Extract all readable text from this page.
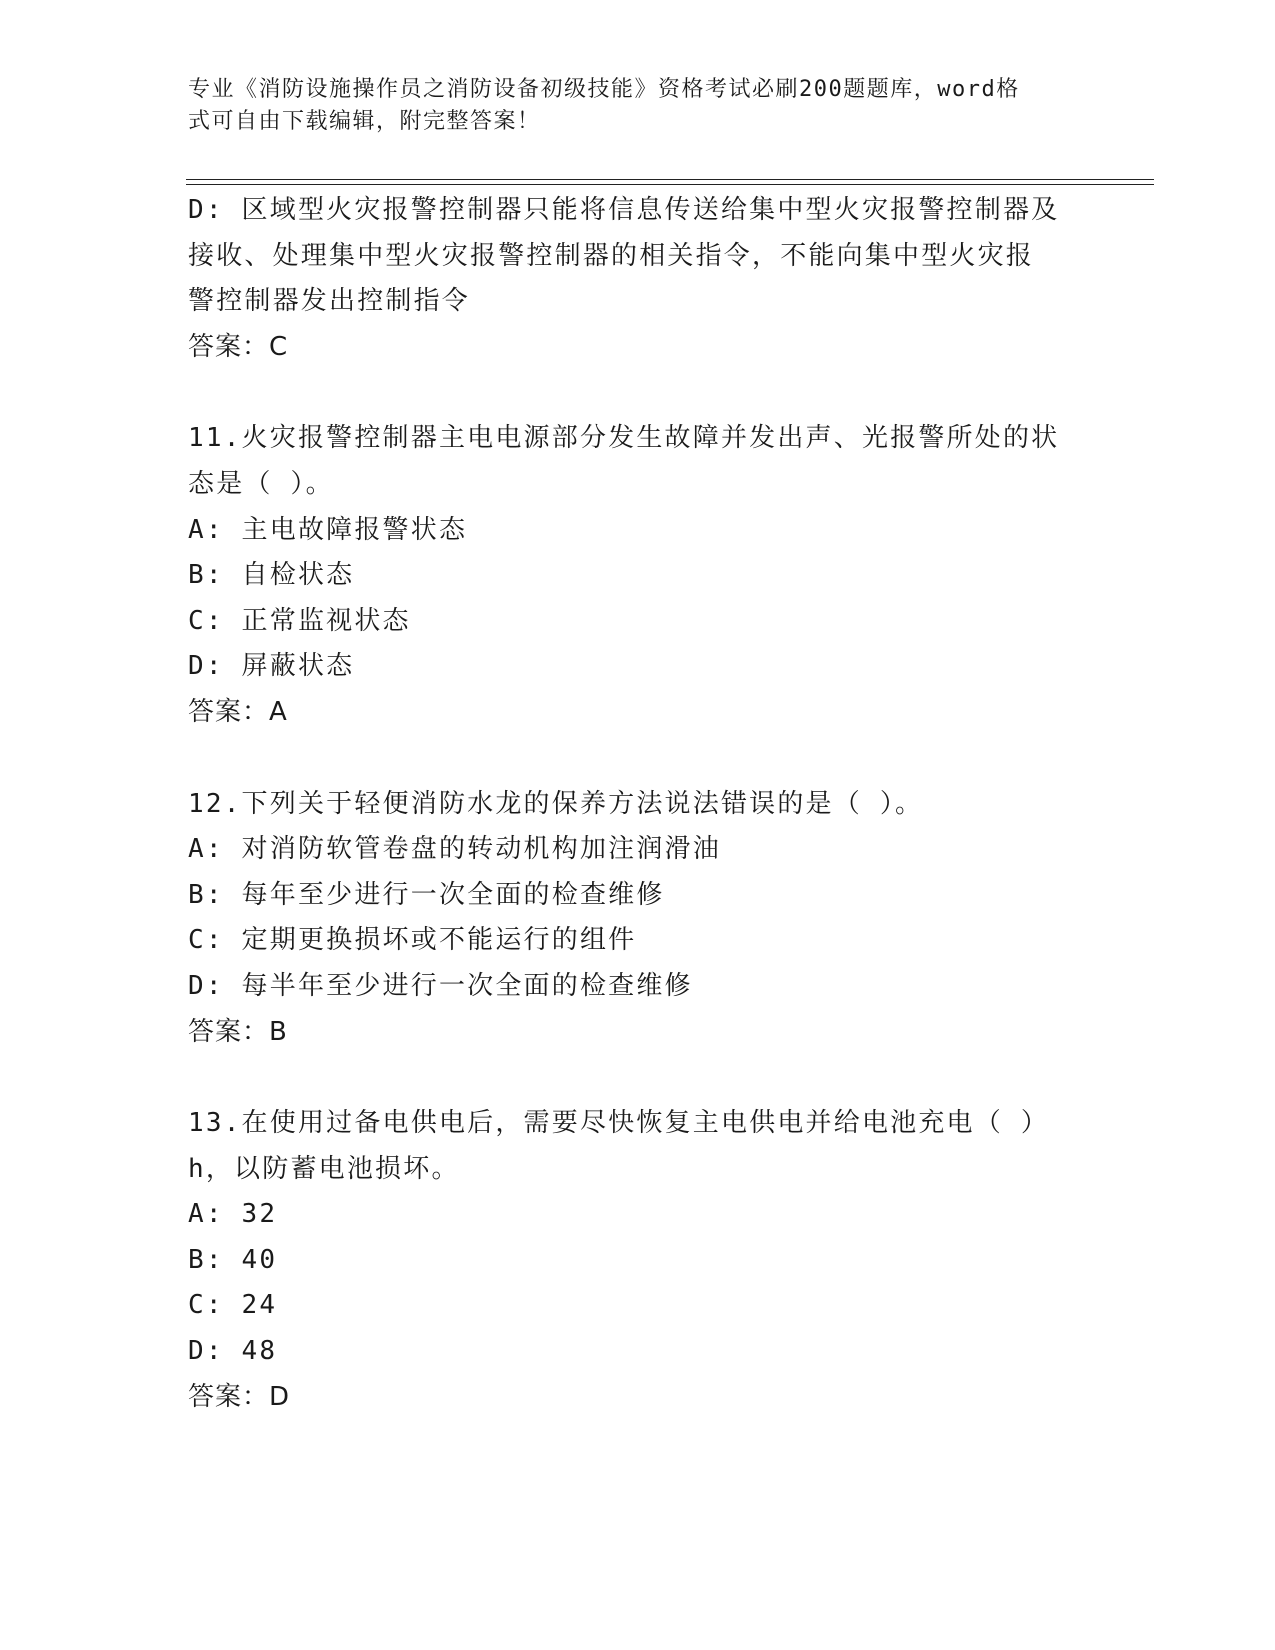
专业《消防设施操作员之消防设备初级技能》资格考试必刷200题题库，word格
式可自由下载编辑，附完整答案！
D: 区域型火灾报警控制器只能将信息传送给集中型火灾报警控制器及
接收、处理集中型火灾报警控制器的相关指令，不能向集中型火灾报
警控制器发出控制指令
答案：C
11.火灾报警控制器主电电源部分发生故障并发出声、光报警所处的状
态是（ ）。
A: 主电故障报警状态
B: 自检状态
C: 正常监视状态
D: 屏蔽状态
答案：A
12.下列关于轻便消防水龙的保养方法说法错误的是（ ）。
A: 对消防软管卷盘的转动机构加注润滑油
B: 每年至少进行一次全面的检查维修
C: 定期更换损坏或不能运行的组件
D: 每半年至少进行一次全面的检查维修
答案：B
13.在使用过备电供电后，需要尽快恢复主电供电并给电池充电（ ）
h，以防蓄电池损坏。
A: 32
B: 40
C: 24
D: 48
答案：D
